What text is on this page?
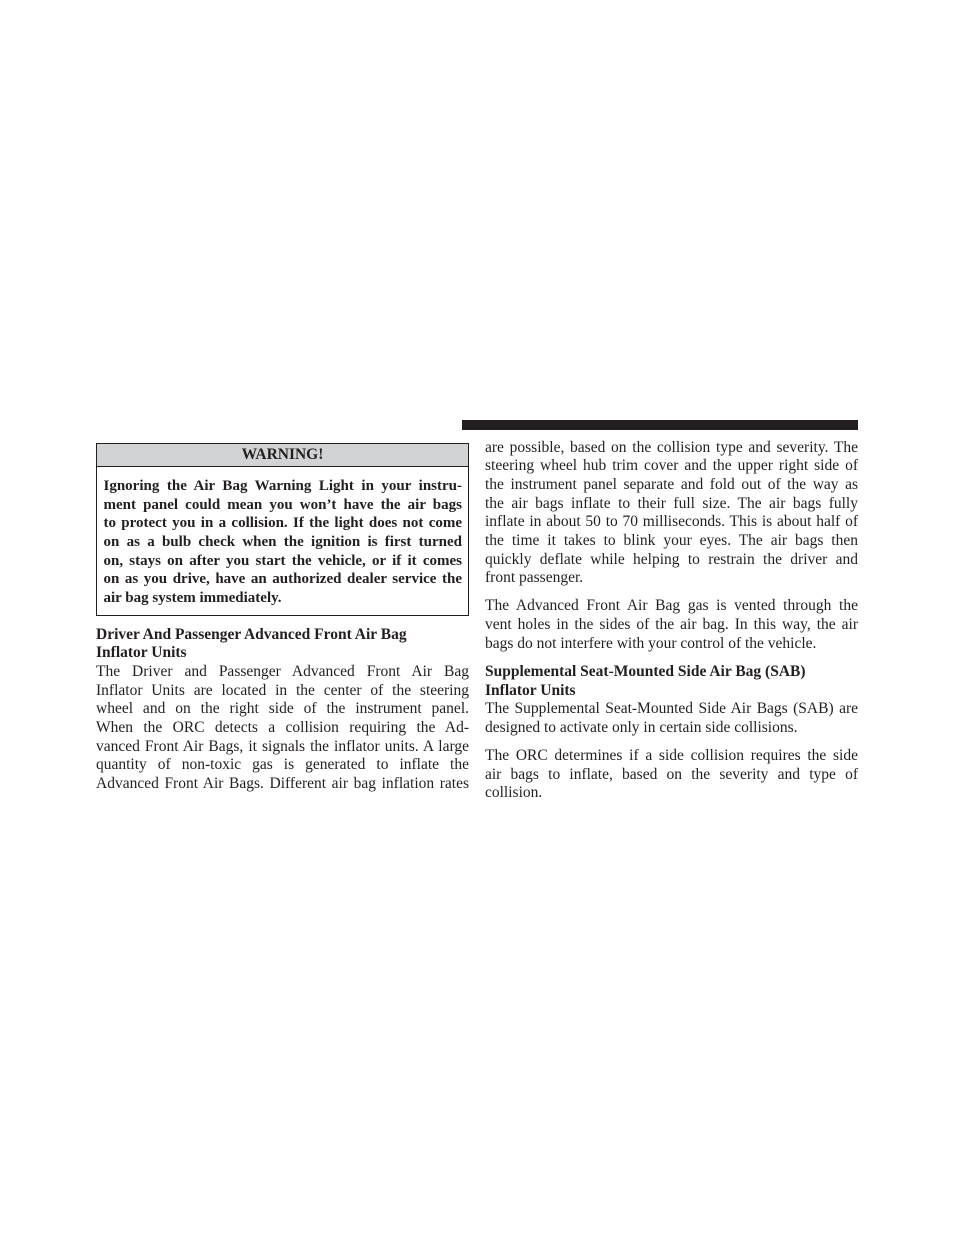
WARNING!
Ignoring the Air Bag Warning Light in your instru-
ment panel could mean you won’t have the air bags
to protect you in a collision. If the light does not come
on as a bulb check when the ignition is first turned
on, stays on after you start the vehicle, or if it comes
on as you drive, have an authorized dealer service the
air bag system immediately.
Driver And Passenger Advanced Front Air Bag
Inflator Units
The Driver and Passenger Advanced Front Air Bag
Inflator Units are located in the center of the steering
wheel and on the right side of the instrument panel.
When the ORC detects a collision requiring the Ad-
vanced Front Air Bags, it signals the inflator units. A large
quantity of non-toxic gas is generated to inflate the
Advanced Front Air Bags. Different air bag inflation rates
are possible, based on the collision type and severity. The
steering wheel hub trim cover and the upper right side of
the instrument panel separate and fold out of the way as
the air bags inflate to their full size. The air bags fully
inflate in about 50 to 70 milliseconds. This is about half of
the time it takes to blink your eyes. The air bags then
quickly deflate while helping to restrain the driver and
front passenger.
The Advanced Front Air Bag gas is vented through the
vent holes in the sides of the air bag. In this way, the air
bags do not interfere with your control of the vehicle.
Supplemental Seat-Mounted Side Air Bag (SAB)
Inflator Units
The Supplemental Seat-Mounted Side Air Bags (SAB) are
designed to activate only in certain side collisions.
The ORC determines if a side collision requires the side
air bags to inflate, based on the severity and type of
collision.
